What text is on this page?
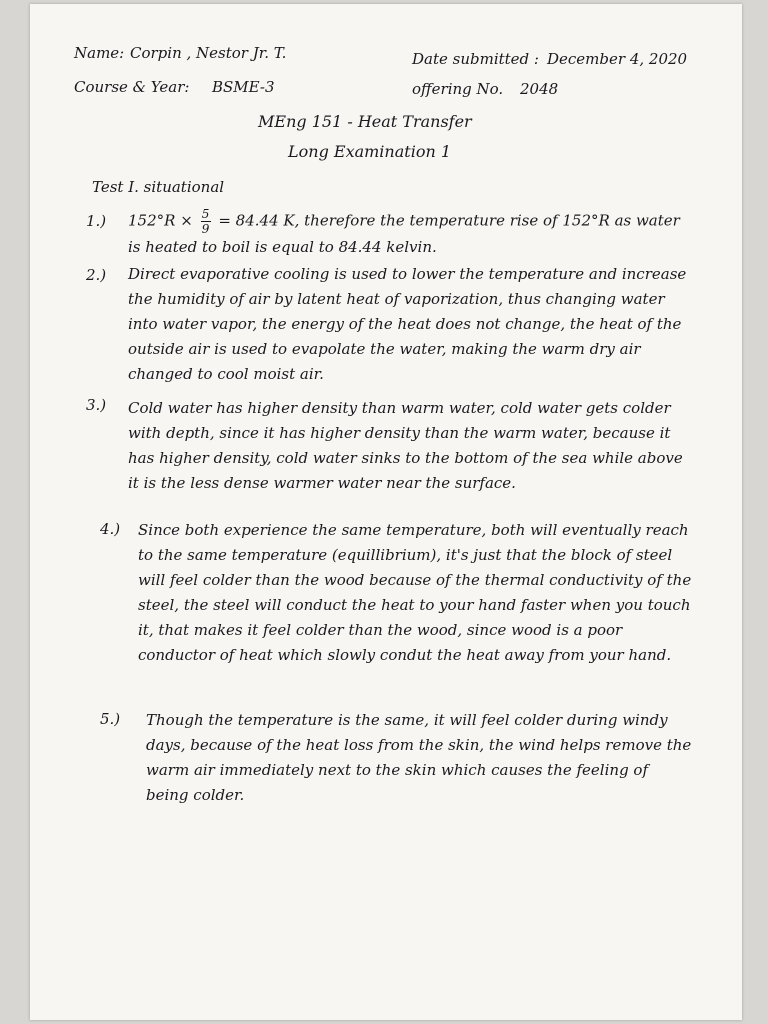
Name: Corpin , Nestor Jr. T.
Course & Year: BSME-3
Date submitted : December 4, 2020
offering No. 2048
MEng 151 - Heat Transfer
Long Examination 1
Test I. situational
1.) $152^\circ R \times \frac{5}{9} = 84.44$ K, therefore the temperature rise of 152°R as water is heated to boil is equal to 84.44 kelvin.
2.) Direct evaporative cooling is used to lower the temperature and increase the humidity of air by latent heat of vaporization, thus changing water into water vapor, the energy of the heat does not change, the heat of the outside air is used to evapolate the water, making the warm dry air changed to cool moist air.
3.) Cold water has higher density than warm water, cold water gets colder with depth, since it has higher density than the warm water, because it has higher density, cold water sinks to the bottom of the sea while above it is the less dense warmer water near the surface.
4.) Since both experience the same temperature, both will eventually reach to the same temperature (equillibrium), it's just that the block of steel will feel colder than the wood because of the thermal conductivity of the steel, the steel will conduct the heat to your hand faster when you touch it, that makes it feel colder than the wood, since wood is a poor conductor of heat which slowly condut the heat away from your hand.
5.) Though the temperature is the same, it will feel colder during windy days, because of the heat loss from the skin, the wind helps remove the warm air immediately next to the skin which causes the feeling of being colder.
